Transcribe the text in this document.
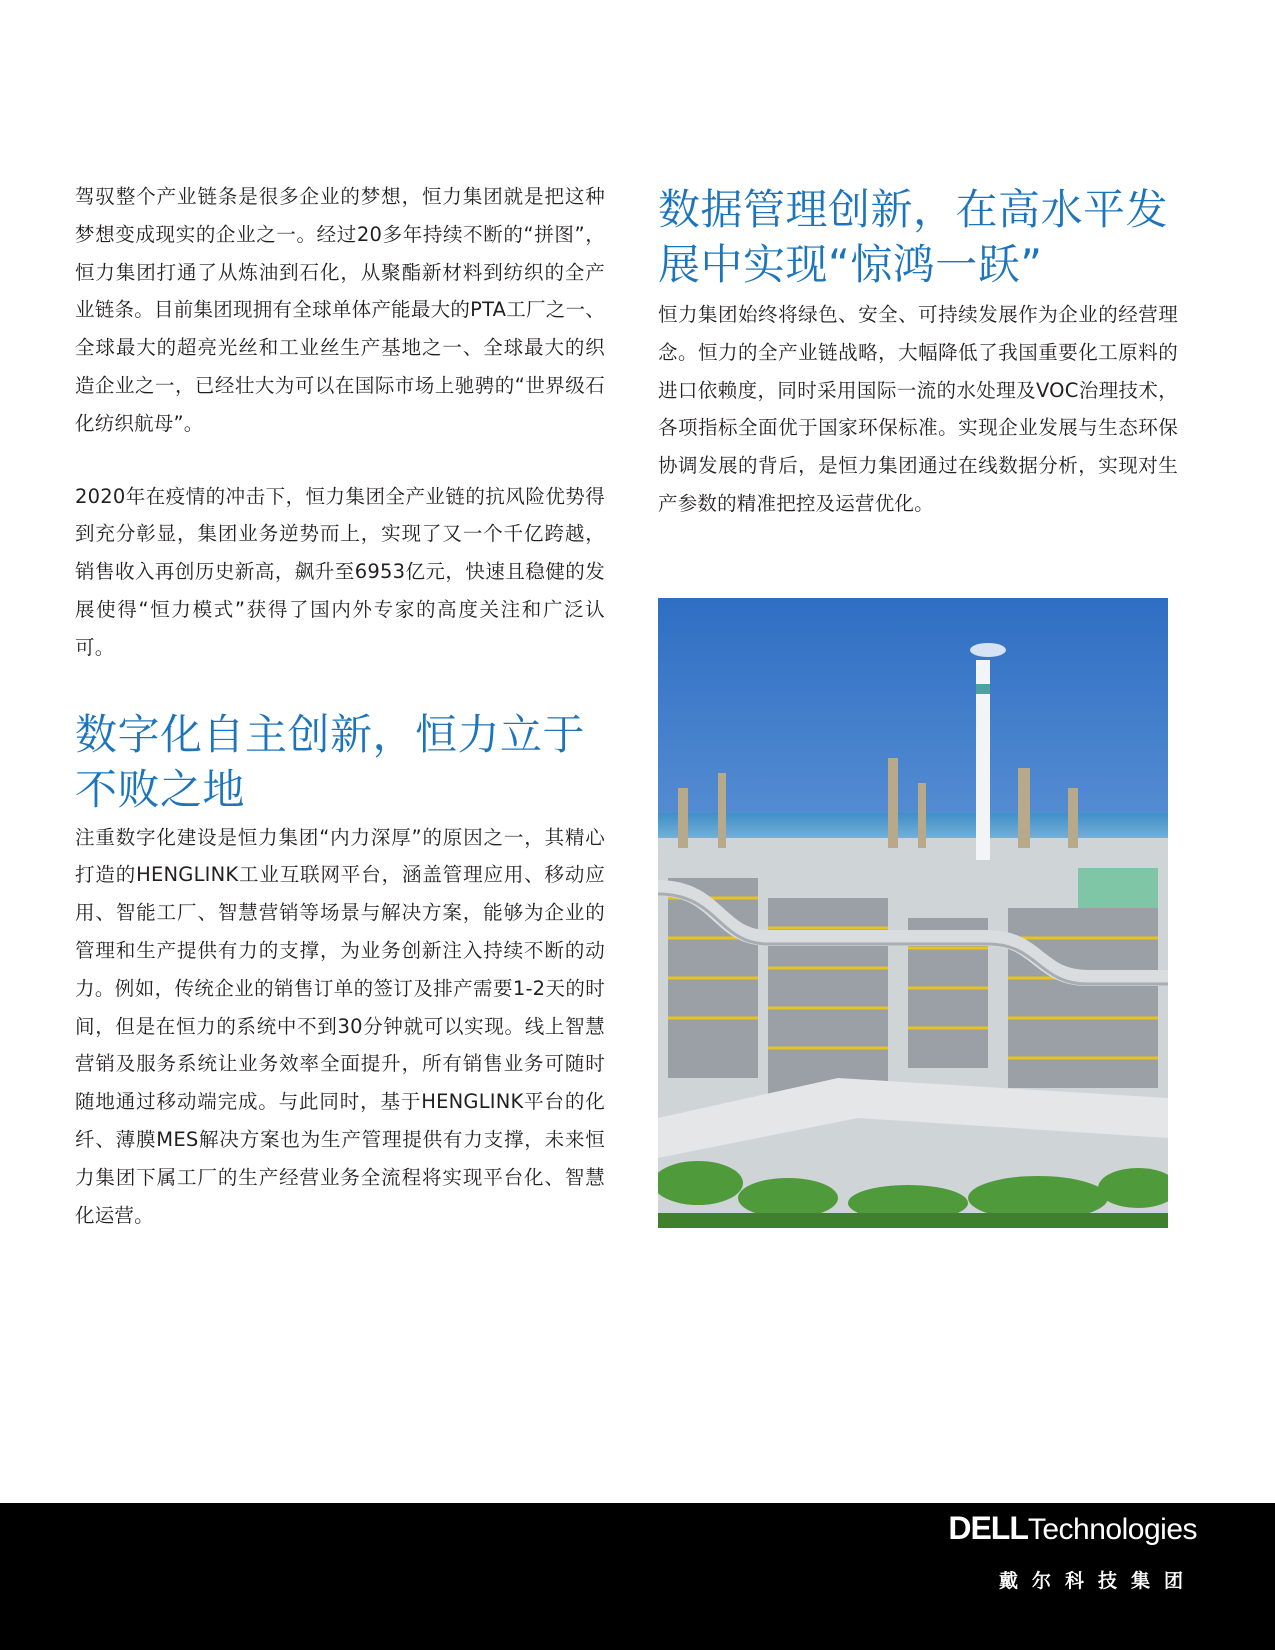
驾驭整个产业链条是很多企业的梦想，恒力集团就是把这种梦想变成现实的企业之一。经过20多年持续不断的“拼图”，恒力集团打通了从炼油到石化，从聚酯新材料到纺织的全产业链条。目前集团现拥有全球单体产能最大的PTA工厂之一、全球最大的超亮光丝和工业丝生产基地之一、全球最大的织造企业之一，已经壮大为可以在国际市场上驰骋的“世界级石化纺织航母”。

2020年在疫情的冲击下，恒力集团全产业链的抗风险优势得到充分彰显，集团业务逆势而上，实现了又一个千亿跨越，销售收入再创历史新高，飙升至6953亿元，快速且稳健的发展使得“恒力模式”获得了国内外专家的高度关注和广泛认可。

数字化自主创新，恒力立于不败之地

注重数字化建设是恒力集团“内力深厚”的原因之一，其精心打造的HENGLINK工业互联网平台，涵盖管理应用、移动应用、智能工厂、智慧营销等场景与解决方案，能够为企业的管理和生产提供有力的支撑，为业务创新注入持续不断的动力。例如，传统企业的销售订单的签订及排产需要1-2天的时间，但是在恒力的系统中不到30分钟就可以实现。线上智慧营销及服务系统让业务效率全面提升，所有销售业务可随时随地通过移动端完成。与此同时，基于HENGLINK平台的化纤、薄膜MES解决方案也为生产管理提供有力支撑，未来恒力集团下属工厂的生产经营业务全流程将实现平台化、智慧化运营。

数据管理创新，在高水平发展中实现“惊鸿一跃”

恒力集团始终将绿色、安全、可持续发展作为企业的经营理念。恒力的全产业链战略，大幅降低了我国重要化工原料的进口依赖度，同时采用国际一流的水处理及VOC治理技术，各项指标全面优于国家环保标准。实现企业发展与生态环保协调发展的背后，是恒力集团通过在线数据分析，实现对生产参数的精准把控及运营优化。

DELLTechnologies
戴尔科技集团
